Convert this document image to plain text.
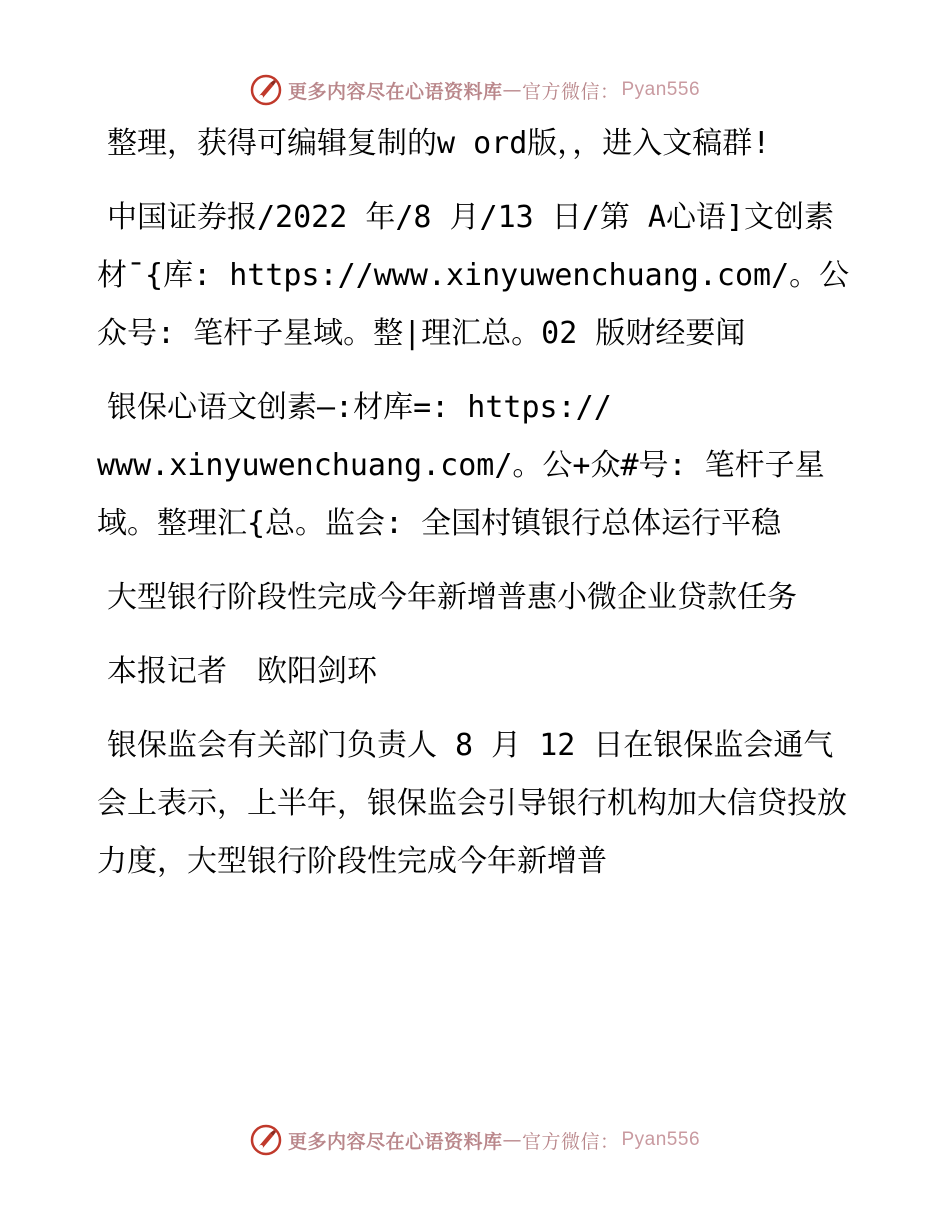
更多内容尽在心语资料库 — 官方微信： Pyan556

整理，获得可编辑复制的w ord版，，进入文稿群!

中国证券报/2022 年/8 月/13 日/第 A心语]文创素材¯{库: https://www.xinyuwenchuang.com/。公众号: 笔杆子星域。整|理汇总。02 版财经要闻

银保心语文创素—:材库=: https://

www.xinyuwenchuang.com/。公+众#号: 笔杆子星域。整理汇{总。监会: 全国村镇银行总体运行平稳

大型银行阶段性完成今年新增普惠小微企业贷款任务

本报记者　欧阳剑环

银保监会有关部门负责人 8 月 12 日在银保监会通气会上表示，上半年，银保监会引导银行机构加大信贷投放力度，大型银行阶段性完成今年新增普

更多内容尽在心语资料库 — 官方微信： Pyan556
